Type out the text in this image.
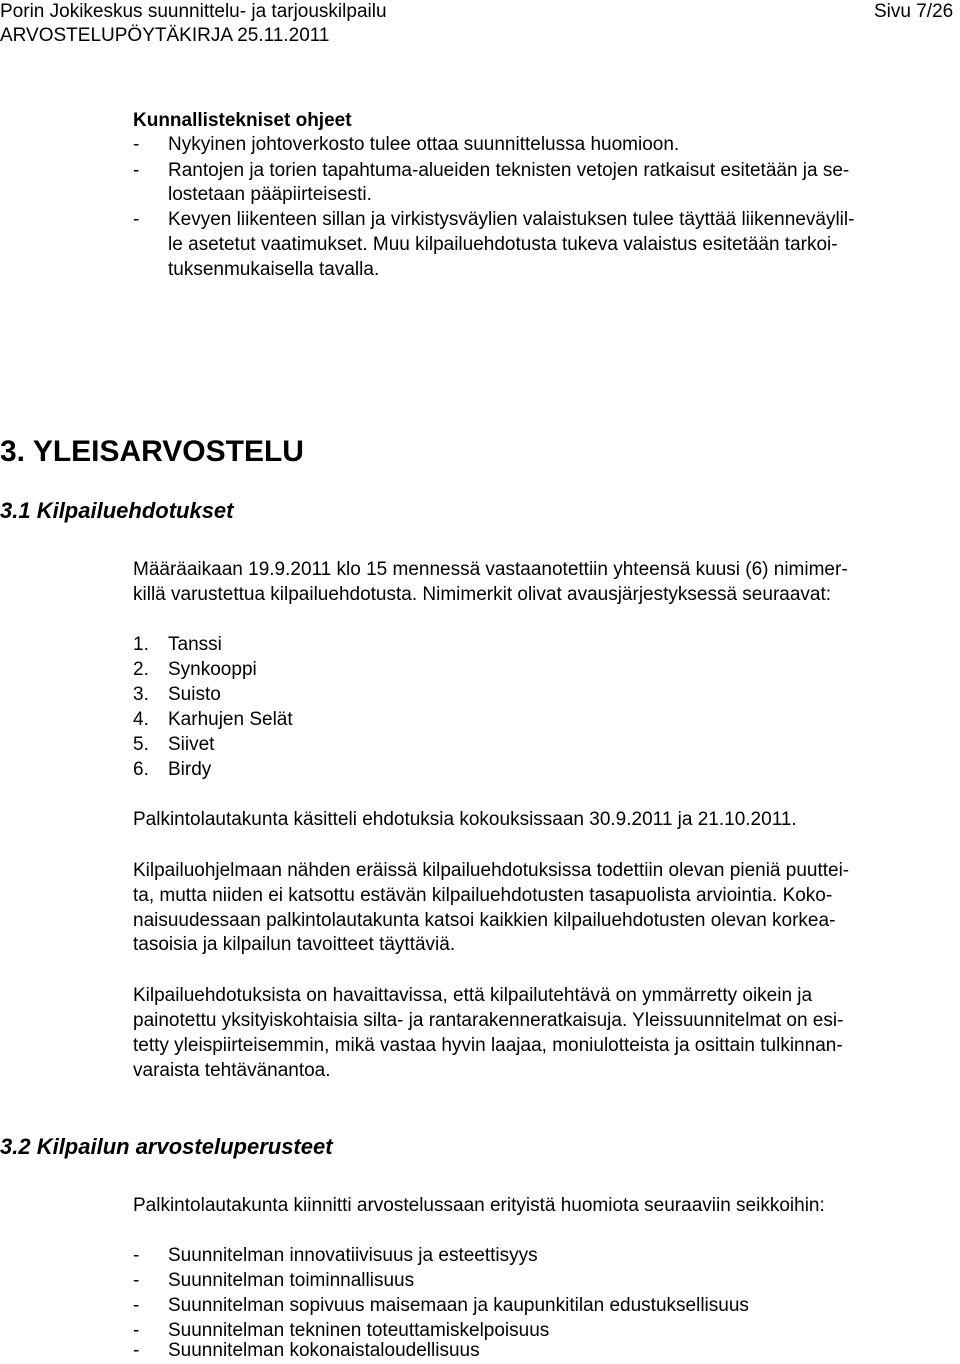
Porin Jokikeskus suunnittelu- ja tarjouskilpailu	Sivu 7/26
ARVOSTELUPÖYTÄKIRJA 25.11.2011
Kunnallistekniset ohjeet
- Nykyinen johtoverkosto tulee ottaa suunnittelussa huomioon.
- Rantojen ja torien tapahtuma-alueiden teknisten vetojen ratkaisut esitetään ja se-
lostetaan pääpiirteisesti.
- Kevyen liikenteen sillan ja virkistysväylien valaistuksen tulee täyttää liikenneväylil-
le asetetut vaatimukset. Muu kilpailuehdotusta tukeva valaistus esitetään tarkoi-
tuksenmukaisella tavalla.
3. YLEISARVOSTELU
3.1 Kilpailuehdotukset
Määräaikaan 19.9.2011 klo 15 mennessä vastaanotettiin yhteensä kuusi (6) nimimer-
killä varustettua kilpailuehdotusta. Nimimerkit olivat avausjärjestyksessä seuraavat:
1. Tanssi
2. Synkooppi
3. Suisto
4. Karhujen Selät
5. Siivet
6. Birdy
Palkintolautakunta käsitteli ehdotuksia kokouksissaan 30.9.2011 ja 21.10.2011.
Kilpailuohjelmaan nähden eräissä kilpailuehdotuksissa todettiin olevan pieniä puuttei-
ta, mutta niiden ei katsottu estävän kilpailuehdotusten tasapuolista arviointia. Koko-
naisuudessaan palkintolautakunta katsoi kaikkien kilpailuehdotusten olevan korkea-
tasoisia ja kilpailun tavoitteet täyttäviä.
Kilpailuehdotuksista on havaittavissa, että kilpailutehtävä on ymmärretty oikein ja
painotettu yksityiskohtaisia silta- ja rantarakenneratkaisuja. Yleissuunnitelmat on esi-
tetty yleispiirteisemmin, mikä vastaa hyvin laajaa, moniulotteista ja osittain tulkinnan-
varaista tehtävänantoa.
3.2 Kilpailun arvosteluperusteet
Palkintolautakunta kiinnitti arvostelussaan erityistä huomiota seuraaviin seikkoihin:
- Suunnitelman innovatiivisuus ja esteettisyys
- Suunnitelman toiminnallisuus
- Suunnitelman sopivuus maisemaan ja kaupunkitilan edustuksellisuus
- Suunnitelman tekninen toteuttamiskelpoisuus
- Suunnitelman kokonaistaloudellisuus
